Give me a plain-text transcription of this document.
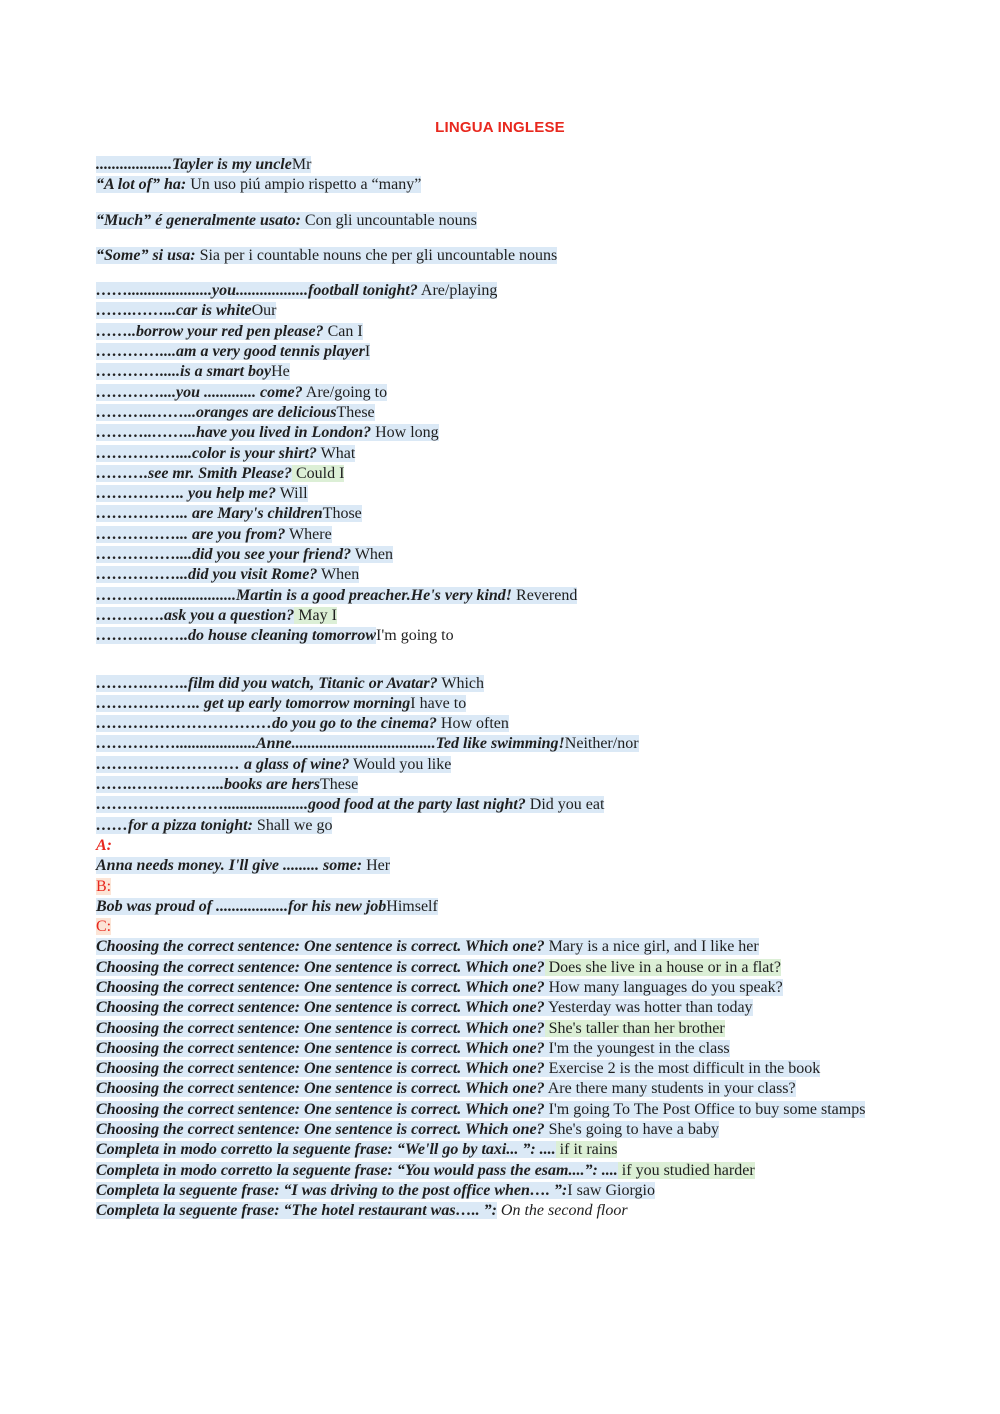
LINGUA INGLESE
...................Tayler is my uncleMr
“A lot of” ha: Un uso piú ampio rispetto a “many”
“Much” é generalmente usato: Con gli uncountable nouns
“Some” si usa: Sia per i countable nouns che per gli uncountable nouns
…….....................you..................football tonight? Are/playing
…….……...car is whiteOur
……..borrow your red pen please? Can I
…………....am a very good tennis playerI
………….....is a smart boyHe
…………....you ............. come? Are/going to
………..……...oranges are deliciousThese
………..……...have you lived in London? How long
……………....color is your shirt? What
……….see mr. Smith Please? Could I
…………….. you help me? Will
……………... are Mary's childrenThose
……………... are you from? Where
……………....did you see your friend? When
……………...did you visit Rome? When
…………...................Martin is a good preacher.He's very kind! Reverend
………….ask you a question? May I
……….……..do house cleaning tomorrowI'm going to
……….……..film did you watch, Titanic or Avatar? Which
……………….. get up early tomorrow morningI have to
……………………………do you go to the cinema? How often
……………....................Anne....................................Ted like swimming!Neither/nor
……………………… a glass of wine? Would you like
…….……………...books are hersThese
…………………….....................good food at the party last night? Did you eat
……for a pizza tonight: Shall we go
A:
Anna needs money. I'll give ......... some: Her
B:
Bob was proud of ..................for his new jobHimself
C:
Choosing the correct sentence: One sentence is correct. Which one? Mary is a nice girl, and I like her
Choosing the correct sentence: One sentence is correct. Which one? Does she live in a house or in a flat?
Choosing the correct sentence: One sentence is correct. Which one? How many languages do you speak?
Choosing the correct sentence: One sentence is correct. Which one? Yesterday was hotter than today
Choosing the correct sentence: One sentence is correct. Which one? She's taller than her brother
Choosing the correct sentence: One sentence is correct. Which one? I'm the youngest in the class
Choosing the correct sentence: One sentence is correct. Which one? Exercise 2 is the most difficult in the book
Choosing the correct sentence: One sentence is correct. Which one? Are there many students in your class?
Choosing the correct sentence: One sentence is correct. Which one? I'm going To The Post Office to buy some stamps
Choosing the correct sentence: One sentence is correct. Which one? She's going to have a baby
Completa in modo corretto la seguente frase: “We'll go by taxi... ”: .... if it rains
Completa in modo corretto la seguente frase: “You would pass the esam....”: .... if you studied harder
Completa la seguente frase: “I was driving to the post office when…. ”:I saw Giorgio
Completa la seguente frase: “The hotel restaurant was….. ”: On the second floor
